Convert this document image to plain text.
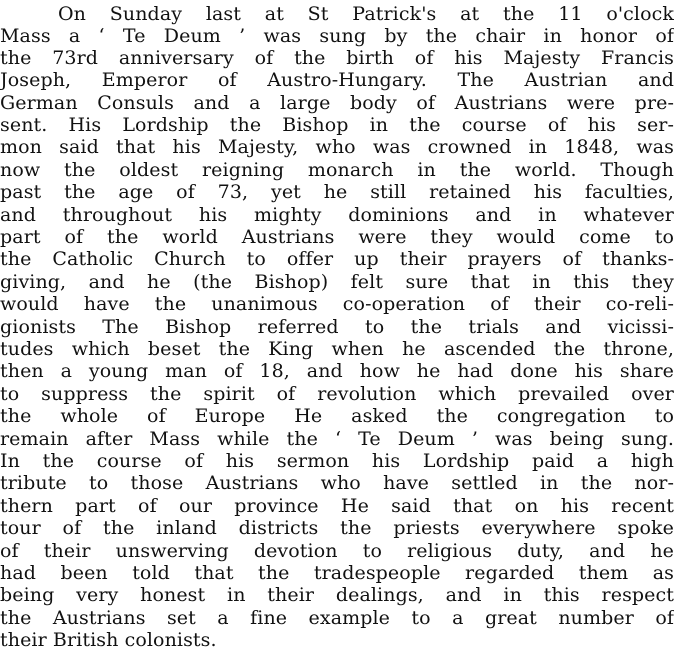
On Sunday last at St Patrick's at the 11 o'clock
Mass a ‘ Te Deum ’ was sung by the chair in honor of
the 73rd anniversary of the birth of his Majesty Francis
Joseph, Emperor of Austro-Hungary. The Austrian and
German Consuls and a large body of Austrians were pre-
sent. His Lordship the Bishop in the course of his ser-
mon said that his Majesty, who was crowned in 1848, was
now the oldest reigning monarch in the world. Though
past the age of 73, yet he still retained his faculties,
and throughout his mighty dominions and in whatever
part of the world Austrians were they would come to
the Catholic Church to offer up their prayers of thanks-
giving, and he (the Bishop) felt sure that in this they
would have the unanimous co-operation of their co-reli-
gionists The Bishop referred to the trials and vicissi-
tudes which beset the King when he ascended the throne,
then a young man of 18, and how he had done his share
to suppress the spirit of revolution which prevailed over
the whole of Europe He asked the congregation to
remain after Mass while the ‘ Te Deum ’ was being sung.
In the course of his sermon his Lordship paid a high
tribute to those Austrians who have settled in the nor-
thern part of our province He said that on his recent
tour of the inland districts the priests everywhere spoke
of their unswerving devotion to religious duty, and he
had been told that the tradespeople regarded them as
being very honest in their dealings, and in this respect
the Austrians set a fine example to a great number of
their British colonists.
